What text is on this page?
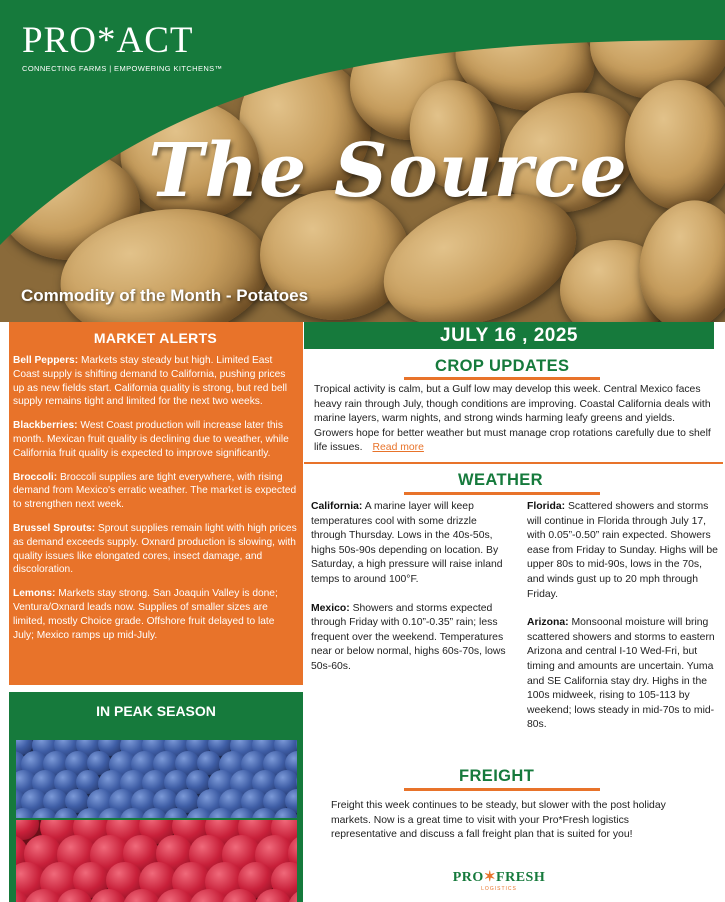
PRO*ACT
CONNECTING FARMS | EMPOWERING KITCHENS™
The Source
Commodity of the Month - Potatoes
MARKET ALERTS
Bell Peppers: Markets stay steady but high. Limited East Coast supply is shifting demand to California, pushing prices up as new fields start. California quality is strong, but red bell supply remains tight and limited for the next two weeks.
Blackberries: West Coast production will increase later this month. Mexican fruit quality is declining due to weather, while California fruit quality is expected to improve significantly.
Broccoli: Broccoli supplies are tight everywhere, with rising demand from Mexico's erratic weather. The market is expected to strengthen next week.
Brussel Sprouts: Sprout supplies remain light with high prices as demand exceeds supply. Oxnard production is slowing, with quality issues like elongated cores, insect damage, and discoloration.
Lemons: Markets stay strong. San Joaquin Valley is done; Ventura/Oxnard leads now. Supplies of smaller sizes are limited, mostly Choice grade. Offshore fruit delayed to late July; Mexico ramps up mid-July.
IN PEAK SEASON
JULY 16 , 2025
CROP UPDATES
Tropical activity is calm, but a Gulf low may develop this week. Central Mexico faces heavy rain through July, though conditions are improving. Coastal California deals with marine layers, warm nights, and strong winds harming leafy greens and yields. Growers hope for better weather but must manage crop rotations carefully due to shelf life issues. Read more
WEATHER
California: A marine layer will keep temperatures cool with some drizzle through Thursday. Lows in the 40s-50s, highs 50s-90s depending on location. By Saturday, a high pressure will raise inland temps to around 100°F.
Mexico: Showers and storms expected through Friday with 0.10”-0.35” rain; less frequent over the weekend. Temperatures near or below normal, highs 60s-70s, lows 50s-60s.
Florida: Scattered showers and storms will continue in Florida through July 17, with 0.05”-0.50” rain expected. Showers ease from Friday to Sunday. Highs will be upper 80s to mid-90s, lows in the 70s, and winds gust up to 20 mph through Friday.
Arizona: Monsoonal moisture will bring scattered showers and storms to eastern Arizona and central I-10 Wed-Fri, but timing and amounts are uncertain. Yuma and SE California stay dry. Highs in the 100s midweek, rising to 105-113 by weekend; lows steady in mid-70s to mid-80s.
FREIGHT
Freight this week continues to be steady, but slower with the post holiday markets. Now is a great time to visit with your Pro*Fresh logistics representative and discuss a fall freight plan that is suited for you!
PRO✶FRESH
LOGISTICS
